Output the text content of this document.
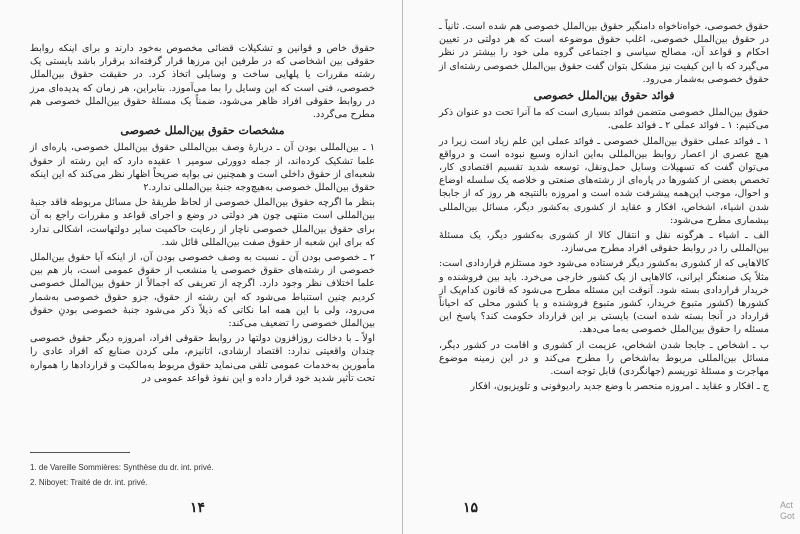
حقوق خاص و قوانین و تشکیلات قضائی مخصوص به‌خود دارند و برای اینکه روابط حقوقی بین اشخاصی که در طرفین این مرزها قرار گرفته‌اند برقرار باشد بایستی یک رشته مقررات یا پلهایی ساخت و وسایلی اتخاذ کرد. در حقیقت حقوق بین‌الملل خصوصی، فنی است که این وسایل را بما می‌آموزد. بنابراین، هر زمان که پدیده‌ای مرز در روابط حقوقی افراد ظاهر می‌شود، ضمناً یک مسئلهٔ حقوق بین‌الملل خصوصی هم مطرح می‌گردد.

مشخصات حقوق بین‌الملل خصوصی

۱ ـ بین‌المللی بودن آن ـ دربارهٔ وصف بین‌المللی حقوق بین‌الملل خصوصی، پاره‌ای از علما تشکیک کرده‌اند، از جمله دوورئی سومیر ۱ عقیده دارد که این رشته از حقوق شعبه‌ای از حقوق داخلی است و همچنین نی بوایه صریحاً اظهار نظر می‌کند که این اینکه حقوق بین‌الملل خصوصی به‌هیچ‌وجه جنبهٔ بین‌المللی ندارد.۲

بنظر ما اگرچه حقوق بین‌الملل خصوصی از لحاظ طریقهٔ حل مسائل مربوطه فاقد جنبهٔ بین‌المللی است منتهی چون هر دولتی در وضع و اجرای قواعد و مقررات راجع به آن برای حقوق بین‌الملل خصوصی ناچار از رعایت حاکمیت سایر دولتهاست، اشکالی ندارد که برای این شعبه از حقوق صفت بین‌المللی قائل شد.

۲ ـ خصوصی بودن آن ـ نسبت به وصف خصوصی بودن آن، از اینکه آیا حقوق بین‌الملل خصوصی از رشته‌های حقوق خصوصی یا منشعب از حقوق عمومی است، باز هم بین علما اختلاف نظر وجود دارد. اگرچه از تعریفی که اجمالاً از حقوق بین‌الملل خصوصی کردیم چنین استنباط می‌شود که این رشته از حقوق، جزو حقوق خصوصی به‌شمار می‌رود، ولی با این همه اما نکاتی که ذیلاً ذکر می‌شود جنبهٔ خصوصی بودنِ حقوق بین‌الملل خصوصی را تضعیف می‌کند:

اولاً ـ با دخالت روزافزون دولتها در روابط حقوقی افراد، امروزه دیگر حقوق خصوصی چندان واقعیتی ندارد: اقتصاد ارشادی، اتانیزم، ملی کردن صنایع که افراد عادی را مأمورین به‌خدمات عمومی تلقی می‌نماید حقوق مربوط به‌مالکیت و قراردادها را همواره تحت تأثیر شدید خود قرار داده و این نفوذ قواعد عمومی در

1. de Vareille Sommières: Synthèse du dr. int. privé.
2. Niboyet: Traité de dr. int. privé.
۱۴

حقوق خصوصی، خواه‌ناخواه دامنگیر حقوق بین‌الملل خصوصی هم شده است. ثانیاً ـ در حقوق بین‌الملل خصوصی، اغلب حقوق موضوعه است که هر دولتی در تعیین احکام و قواعد آن، مصالح سیاسی و اجتماعی گروه ملی خود را بیشتر در نظر می‌گیرد که با این کیفیت نیز مشکل بتوان گفت حقوق بین‌الملل خصوصی رشته‌ای از حقوق خصوصی به‌شمار می‌رود.

فوائد حقوق بین‌الملل خصوصی

حقوق بین‌الملل خصوصی متضمن فوائد بسیاری است که ما آنرا تحت دو عنوان ذکر می‌کنیم: ۱ ـ فوائد عملی ۲ ـ فوائد علمی.

۱ ـ فوائد عملی حقوق بین‌الملل خصوصی ـ فوائد عملی این علم زیاد است زیرا در هیچ عصری از اعصار روابط بین‌المللی به‌این اندازه وسیع نبوده است و درواقع می‌توان گفت که تسهیلات وسایل حمل‌ونقل، توسعه شدید تقسیم اقتصادی کار، تخصص بعضی از کشورها در پاره‌ای از رشته‌های صنعتی و خلاصه یک سلسله اوضاع و احوال، موجب این‌همه پیشرفت شده است و امروزه بالنتیجه هر روز که از جابجا شدن اشیاء، اشخاص، افکار و عقاید از کشوری به‌کشور دیگر، مسائل بین‌المللی بیشماری مطرح می‌شود:

الف ـ اشیاء ـ هرگونه نقل و انتقال کالا از کشوری به‌کشور دیگر، یک مسئلهٔ بین‌المللی را در روابط حقوقی افراد مطرح می‌سازد.

کالاهایی که از کشوری به‌کشور دیگر فرستاده می‌شود خود مستلزم قراردادی است: مثلاً یک صنعتگر ایرانی، کالاهایی از یک کشور خارجی می‌خرد. باید بین فروشنده و خریدار قراردادی بسته شود. آنوقت این مسئله مطرح می‌شود که قانون کدام‌یک از کشورها (کشور متبوع خریدار، کشور متبوع فروشنده و یا کشور محلی که احیاناً قرارداد در آنجا بسته شده است) بایستی بر این قرارداد حکومت کند؟ پاسخ این مسئله را حقوق بین‌الملل خصوصی به‌ما می‌دهد.

ب ـ اشخاص ـ جابجا شدن اشخاص، عزیمت از کشوری و اقامت در کشور دیگر، مسائل بین‌المللی مربوط به‌اشخاص را مطرح می‌کند و در این زمینه موضوع مهاجرت و مسئلهٔ توریسم (جهانگردی) قابل توجه است.

ج ـ افکار و عقاید ـ امروزه منحصر با وضع جدید رادیوفونی و تلویزیون، افکار

۱۵	Act
Got
